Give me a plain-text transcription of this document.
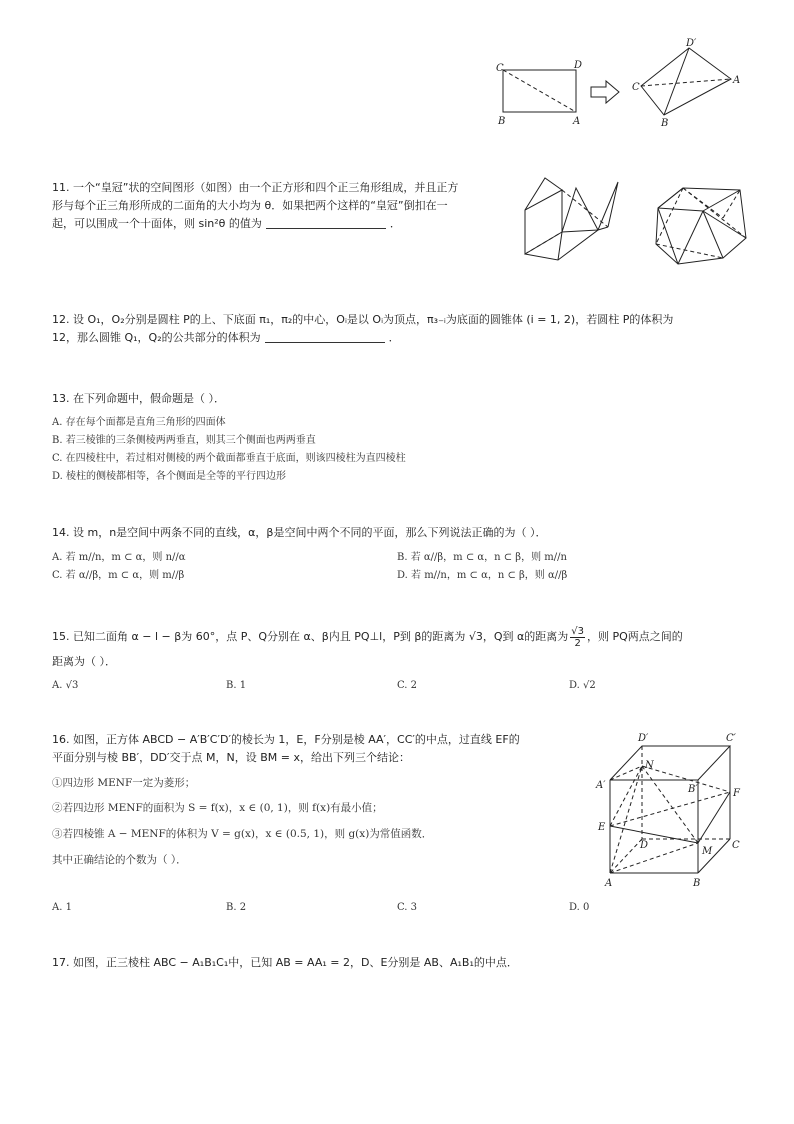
C	D
B	A
D′
A
C
B
11. 一个“皇冠”状的空间图形（如图）由一个正方形和四个正三角形组成，并且正方
形与每个正三角形所成的二面角的大小均为 θ．如果把两个这样的“皇冠”倒扣在一
起，可以围成一个十面体，则 sin²θ 的值为	．
12. 设 O₁，O₂分别是圆柱 P的上、下底面 π₁，π₂的中心，Oᵢ是以 Oᵢ为顶点，π₃₋ᵢ为底面的圆锥体 (i = 1, 2)，若圆柱 P的体积为
12，那么圆锥 Q₁，Q₂的公共部分的体积为	．
13. 在下列命题中，假命题是（ ）．
A. 存在每个面都是直角三角形的四面体
B. 若三棱锥的三条侧棱两两垂直，则其三个侧面也两两垂直
C. 在四棱柱中，若过相对侧棱的两个截面都垂直于底面，则该四棱柱为直四棱柱
D. 棱柱的侧棱都相等，各个侧面是全等的平行四边形
14. 设 m，n是空间中两条不同的直线，α，β是空间中两个不同的平面，那么下列说法正确的为（ ）．
A. 若 m//n，m ⊂ α，则 n//α	B. 若 α//β，m ⊂ α，n ⊂ β，则 m//n
C. 若 α//β，m ⊂ α，则 m//β	D. 若 m//n，m ⊂ α，n ⊂ β，则 α//β
15. 已知二面角 α − l − β为 60°，点 P、Q分别在 α、β内且 PQ⊥l，P到 β的距离为 √3，Q到 α的距离为 $\frac{√3}{2}$ ，则 PQ两点之间的
距离为（ ）．
A. √3	B. 1	C. 2	D. √2
16. 如图，正方体 ABCD − A′B′C′D′的棱长为 1，E，F分别是棱 AA′，CC′的中点，过直线 EF的
平面分别与棱 BB′，DD′交于点 M，N，设 BM = x，给出下列三个结论：
①四边形 MENF一定为菱形；
②若四边形 MENF的面积为 S = f(x)，x ∈ (0, 1)，则 f(x)有最小值；
③若四棱锥 A − MENF的体积为 V = g(x)，x ∈ (0.5, 1)，则 g(x)为常值函数．
其中正确结论的个数为（ ）．
A. 1	B. 2	C. 3	D. 0
D′	C′
N
A′	B′	F
E
D
M
C
A	B
17. 如图，正三棱柱 ABC − A₁B₁C₁中，已知 AB = AA₁ = 2，D、E分别是 AB、A₁B₁的中点．
